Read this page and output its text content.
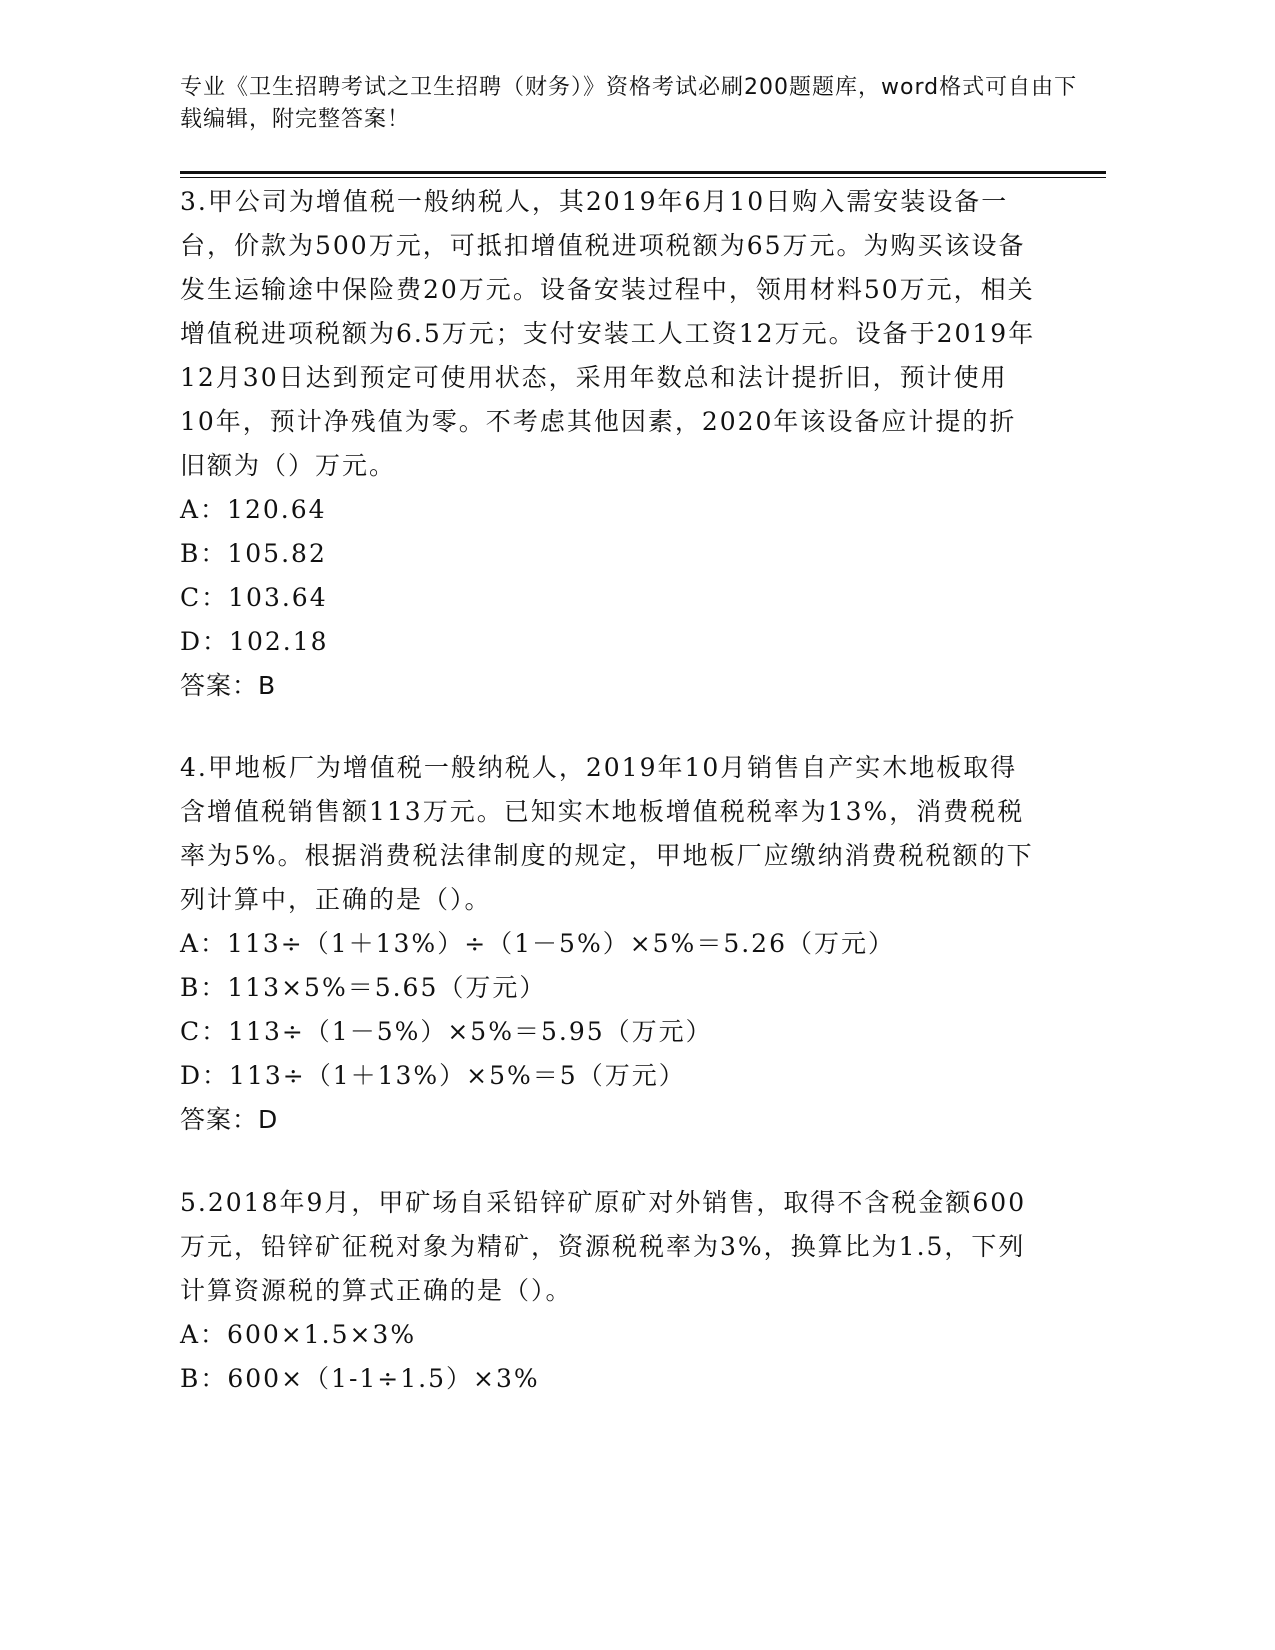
专业《卫生招聘考试之卫生招聘（财务）》资格考试必刷200题题库，word格式可自由下载编辑，附完整答案！
3.甲公司为增值税一般纳税人，其2019年6月10日购入需安装设备一台，价款为500万元，可抵扣增值税进项税额为65万元。为购买该设备发生运输途中保险费20万元。设备安装过程中，领用材料50万元，相关增值税进项税额为6.5万元；支付安装工人工资12万元。设备于2019年12月30日达到预定可使用状态，采用年数总和法计提折旧，预计使用10年，预计净残值为零。不考虑其他因素，2020年该设备应计提的折旧额为（）万元。
A：120.64
B：105.82
C：103.64
D：102.18
答案：B
4.甲地板厂为增值税一般纳税人，2019年10月销售自产实木地板取得含增值税销售额113万元。已知实木地板增值税税率为13%，消费税税率为5%。根据消费税法律制度的规定，甲地板厂应缴纳消费税税额的下列计算中，正确的是（）。
A：113÷（1＋13%）÷（1－5%）×5%＝5.26（万元）
B：113×5%＝5.65（万元）
C：113÷（1－5%）×5%＝5.95（万元）
D：113÷（1＋13%）×5%＝5（万元）
答案：D
5.2018年9月，甲矿场自采铅锌矿原矿对外销售，取得不含税金额600万元，铅锌矿征税对象为精矿，资源税税率为3%，换算比为1.5，下列计算资源税的算式正确的是（）。
A：600×1.5×3%
B：600×（1-1÷1.5）×3%
